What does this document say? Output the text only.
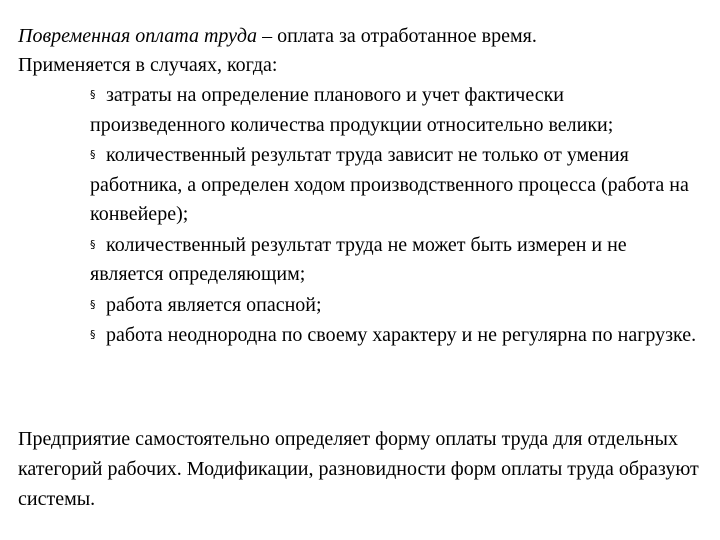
Повременная оплата труда – оплата за отработанное время.
Применяется в случаях, когда:
§ затраты на определение планового и учет фактически произведенного количества продукции относительно велики;
§ количественный результат труда зависит не только от умения работника, а определен ходом производственного процесса (работа на конвейере);
§ количественный результат труда не может быть измерен и не является определяющим;
§ работа является опасной;
§ работа неоднородна по своему характеру и не регулярна по нагрузке.

Предприятие самостоятельно определяет форму оплаты труда для отдельных категорий рабочих. Модификации, разновидности форм оплаты труда образуют системы.
